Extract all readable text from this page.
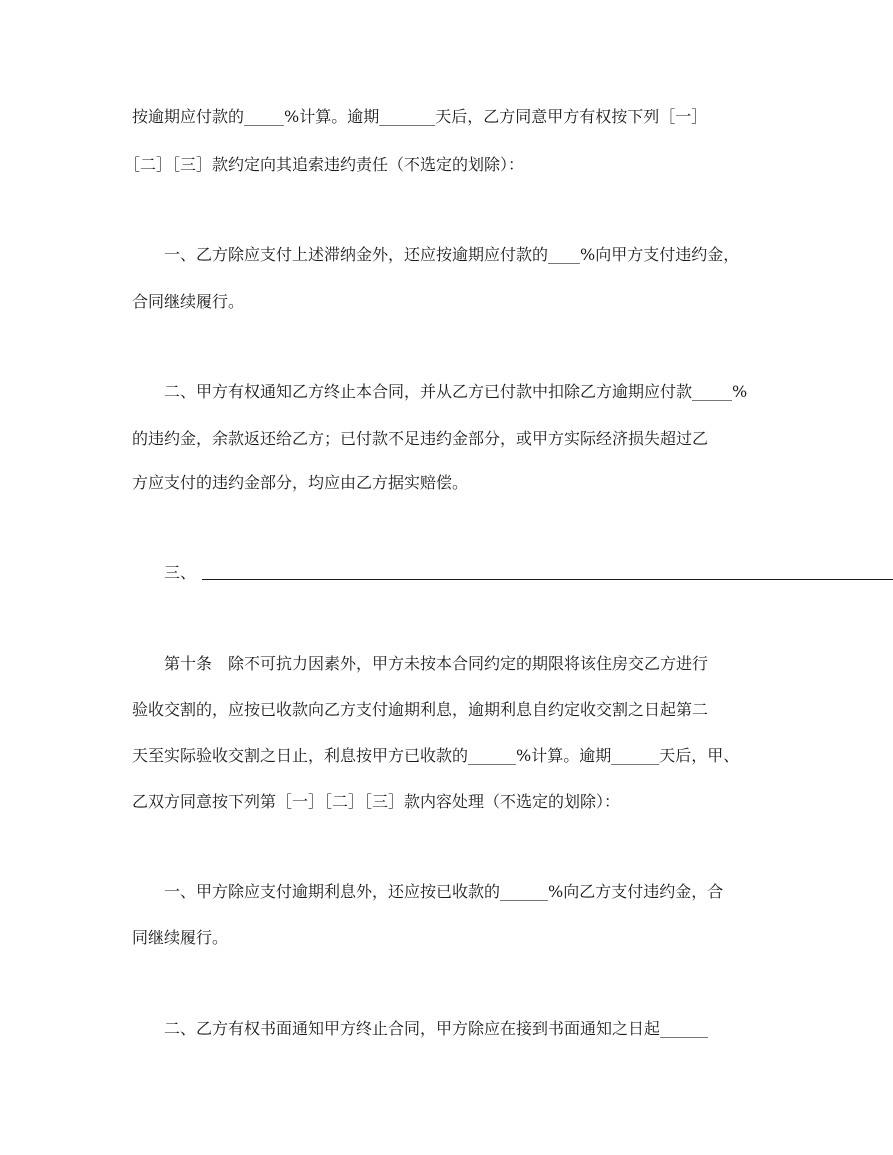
按逾期应付款的_____%计算。逾期_______天后，乙方同意甲方有权按下列［一］

［二］［三］款约定向其追索违约责任（不选定的划除）：

一、乙方除应支付上述滞纳金外，还应按逾期应付款的____%向甲方支付违约金，

合同继续履行。

二、甲方有权通知乙方终止本合同，并从乙方已付款中扣除乙方逾期应付款_____%

的违约金，余款返还给乙方；已付款不足违约金部分，或甲方实际经济损失超过乙

方应支付的违约金部分，均应由乙方据实赔偿。

三、

第十条　除不可抗力因素外，甲方未按本合同约定的期限将该住房交乙方进行

验收交割的，应按已收款向乙方支付逾期利息，逾期利息自约定收交割之日起第二

天至实际验收交割之日止，利息按甲方已收款的______%计算。逾期______天后，甲、

乙双方同意按下列第［一］［二］［三］款内容处理（不选定的划除）：

一、甲方除应支付逾期利息外，还应按已收款的______%向乙方支付违约金，合

同继续履行。

二、乙方有权书面通知甲方终止合同，甲方除应在接到书面通知之日起______
